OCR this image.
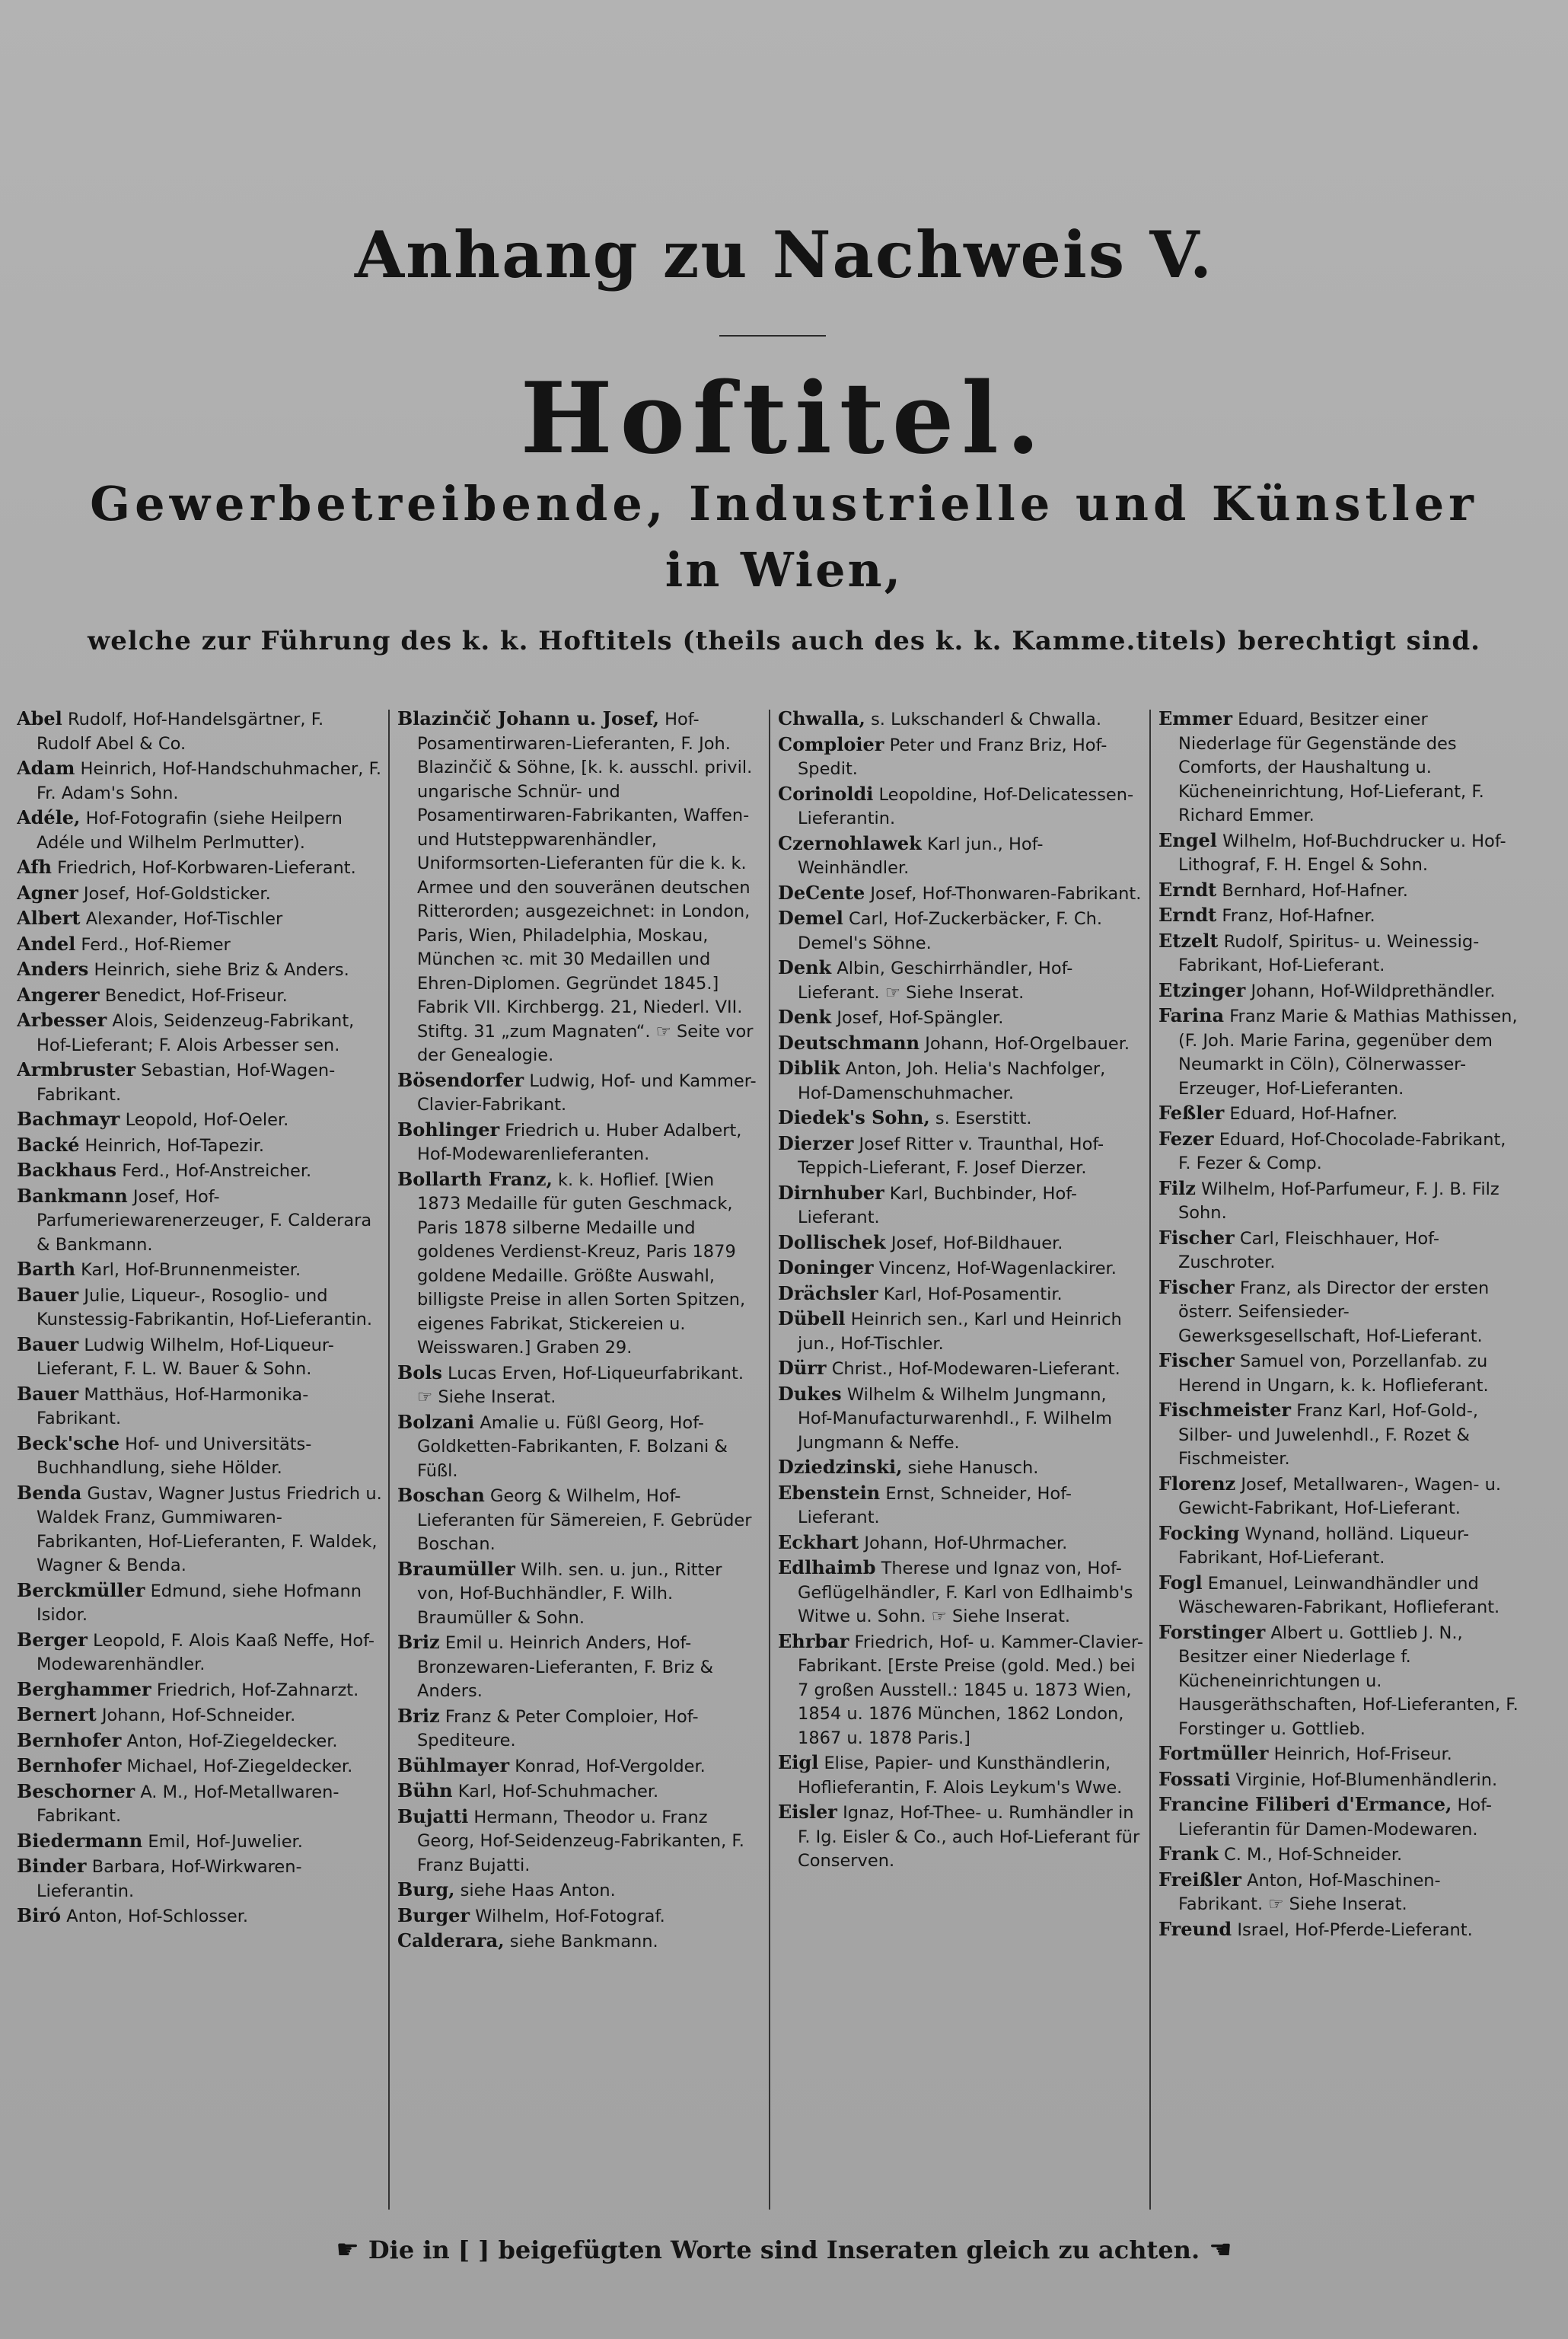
Anhang zu Nachweis V.
Hoftitel.
Gewerbetreibende, Industrielle und Künstler
in Wien,
welche zur Führung des k. k. Hoftitels (theils auch des k. k. Kamme.titels) berechtigt sind.

Abel Rudolf, Hof-Handelsgärtner, F. Rudolf Abel & Co.

Adam Heinrich, Hof-Handschuhmacher, F. Fr. Adam's Sohn.

Adéle, Hof-Fotografin (siehe Heilpern Adéle und Wilhelm Perlmutter).

Afh Friedrich, Hof-Korbwaren-Lieferant.

Agner Josef, Hof-Goldsticker.

Albert Alexander, Hof-Tischler

Andel Ferd., Hof-Riemer

Anders Heinrich, siehe Briz & Anders.

Angerer Benedict, Hof-Friseur.

Arbesser Alois, Seidenzeug-Fabrikant, Hof-Lieferant; F. Alois Arbesser sen.

Armbruster Sebastian, Hof-Wagen-Fabrikant.

Bachmayr Leopold, Hof-Oeler.

Backé Heinrich, Hof-Tapezir.

Backhaus Ferd., Hof-Anstreicher.

Bankmann Josef, Hof-Parfumeriewarenerzeuger, F. Calderara & Bankmann.

Barth Karl, Hof-Brunnenmeister.

Bauer Julie, Liqueur-, Rosoglio- und Kunstessig-Fabrikantin, Hof-Lieferantin.

Bauer Ludwig Wilhelm, Hof-Liqueur-Lieferant, F. L. W. Bauer & Sohn.

Bauer Matthäus, Hof-Harmonika-Fabrikant.

Beck'sche Hof- und Universitäts-Buchhandlung, siehe Hölder.

Benda Gustav, Wagner Justus Friedrich u. Waldek Franz, Gummiwaren-Fabrikanten, Hof-Lieferanten, F. Waldek, Wagner & Benda.

Berckmüller Edmund, siehe Hofmann Isidor.

Berger Leopold, F. Alois Kaaß Neffe, Hof-Modewarenhändler.

Berghammer Friedrich, Hof-Zahnarzt.

Bernert Johann, Hof-Schneider.

Bernhofer Anton, Hof-Ziegeldecker.

Bernhofer Michael, Hof-Ziegeldecker.

Beschorner A. M., Hof-Metallwaren-Fabrikant.

Biedermann Emil, Hof-Juwelier.

Binder Barbara, Hof-Wirkwaren-Lieferantin.

Biró Anton, Hof-Schlosser.

Blazinčič Johann u. Josef, Hof-Posamentirwaren-Lieferanten, F. Joh. Blazinčič & Söhne, [k. k. ausschl. privil. ungarische Schnür- und Posamentirwaren-Fabrikanten, Waffen- und Hutsteppwarenhändler, Uniformsorten-Lieferanten für die k. k. Armee und den souveränen deutschen Ritterorden; ausgezeichnet: in London, Paris, Wien, Philadelphia, Moskau, München ꝛc. mit 30 Medaillen und Ehren-Diplomen. Gegründet 1845.] Fabrik VII. Kirchbergg. 21, Niederl. VII. Stiftg. 31 „zum Magnaten“. ☞ Seite vor der Genealogie.

Bösendorfer Ludwig, Hof- und Kammer-Clavier-Fabrikant.

Bohlinger Friedrich u. Huber Adalbert, Hof-Modewarenlieferanten.

Bollarth Franz, k. k. Hoflief. [Wien 1873 Medaille für guten Geschmack, Paris 1878 silberne Medaille und goldenes Verdienst-Kreuz, Paris 1879 goldene Medaille. Größte Auswahl, billigste Preise in allen Sorten Spitzen, eigenes Fabrikat, Stickereien u. Weisswaren.] Graben 29.

Bols Lucas Erven, Hof-Liqueurfabrikant. ☞ Siehe Inserat.

Bolzani Amalie u. Füßl Georg, Hof-Goldketten-Fabrikanten, F. Bolzani & Füßl.

Boschan Georg & Wilhelm, Hof-Lieferanten für Sämereien, F. Gebrüder Boschan.

Braumüller Wilh. sen. u. jun., Ritter von, Hof-Buchhändler, F. Wilh. Braumüller & Sohn.

Briz Emil u. Heinrich Anders, Hof-Bronzewaren-Lieferanten, F. Briz & Anders.

Briz Franz & Peter Comploier, Hof-Spediteure.

Bühlmayer Konrad, Hof-Vergolder.

Bühn Karl, Hof-Schuhmacher.

Bujatti Hermann, Theodor u. Franz Georg, Hof-Seidenzeug-Fabrikanten, F. Franz Bujatti.

Burg, siehe Haas Anton.

Burger Wilhelm, Hof-Fotograf.

Calderara, siehe Bankmann.

Chwalla, s. Lukschanderl & Chwalla.

Comploier Peter und Franz Briz, Hof-Spedit.

Corinoldi Leopoldine, Hof-Delicatessen-Lieferantin.

Czernohlawek Karl jun., Hof-Weinhändler.

DeCente Josef, Hof-Thonwaren-Fabrikant.

Demel Carl, Hof-Zuckerbäcker, F. Ch. Demel's Söhne.

Denk Albin, Geschirrhändler, Hof-Lieferant. ☞ Siehe Inserat.

Denk Josef, Hof-Spängler.

Deutschmann Johann, Hof-Orgelbauer.

Diblik Anton, Joh. Helia's Nachfolger, Hof-Damenschuhmacher.

Diedek's Sohn, s. Eserstitt.

Dierzer Josef Ritter v. Traunthal, Hof-Teppich-Lieferant, F. Josef Dierzer.

Dirnhuber Karl, Buchbinder, Hof-Lieferant.

Dollischek Josef, Hof-Bildhauer.

Doninger Vincenz, Hof-Wagenlackirer.

Drächsler Karl, Hof-Posamentir.

Dübell Heinrich sen., Karl und Heinrich jun., Hof-Tischler.

Dürr Christ., Hof-Modewaren-Lieferant.

Dukes Wilhelm & Wilhelm Jungmann, Hof-Manufacturwarenhdl., F. Wilhelm Jungmann & Neffe.

Dziedzinski, siehe Hanusch.

Ebenstein Ernst, Schneider, Hof-Lieferant.

Eckhart Johann, Hof-Uhrmacher.

Edlhaimb Therese und Ignaz von, Hof-Geflügelhändler, F. Karl von Edlhaimb's Witwe u. Sohn. ☞ Siehe Inserat.

Ehrbar Friedrich, Hof- u. Kammer-Clavier-Fabrikant. [Erste Preise (gold. Med.) bei 7 großen Ausstell.: 1845 u. 1873 Wien, 1854 u. 1876 München, 1862 London, 1867 u. 1878 Paris.]

Eigl Elise, Papier- und Kunsthändlerin, Hoflieferantin, F. Alois Leykum's Wwe.

Eisler Ignaz, Hof-Thee- u. Rumhändler in F. Ig. Eisler & Co., auch Hof-Lieferant für Conserven.

Emmer Eduard, Besitzer einer Niederlage für Gegenstände des Comforts, der Haushaltung u. Kücheneinrichtung, Hof-Lieferant, F. Richard Emmer.

Engel Wilhelm, Hof-Buchdrucker u. Hof-Lithograf, F. H. Engel & Sohn.

Erndt Bernhard, Hof-Hafner.

Erndt Franz, Hof-Hafner.

Etzelt Rudolf, Spiritus- u. Weinessig-Fabrikant, Hof-Lieferant.

Etzinger Johann, Hof-Wildprethändler.

Farina Franz Marie & Mathias Mathissen, (F. Joh. Marie Farina, gegenüber dem Neumarkt in Cöln), Cölnerwasser-Erzeuger, Hof-Lieferanten.

Feßler Eduard, Hof-Hafner.

Fezer Eduard, Hof-Chocolade-Fabrikant, F. Fezer & Comp.

Filz Wilhelm, Hof-Parfumeur, F. J. B. Filz Sohn.

Fischer Carl, Fleischhauer, Hof-Zuschroter.

Fischer Franz, als Director der ersten österr. Seifensieder-Gewerksgesellschaft, Hof-Lieferant.

Fischer Samuel von, Porzellanfab. zu Herend in Ungarn, k. k. Hoflieferant.

Fischmeister Franz Karl, Hof-Gold-, Silber- und Juwelenhdl., F. Rozet & Fischmeister.

Florenz Josef, Metallwaren-, Wagen- u. Gewicht-Fabrikant, Hof-Lieferant.

Focking Wynand, holländ. Liqueur-Fabrikant, Hof-Lieferant.

Fogl Emanuel, Leinwandhändler und Wäschewaren-Fabrikant, Hoflieferant.

Forstinger Albert u. Gottlieb J. N., Besitzer einer Niederlage f. Kücheneinrichtungen u. Hausgeräthschaften, Hof-Lieferanten, F. Forstinger u. Gottlieb.

Fortmüller Heinrich, Hof-Friseur.

Fossati Virginie, Hof-Blumenhändlerin.

Francine Filiberi d'Ermance, Hof-Lieferantin für Damen-Modewaren.

Frank C. M., Hof-Schneider.

Freißler Anton, Hof-Maschinen-Fabrikant. ☞ Siehe Inserat.

Freund Israel, Hof-Pferde-Lieferant.

☛ Die in [ ] beigefügten Worte sind Inseraten gleich zu achten. ☚
